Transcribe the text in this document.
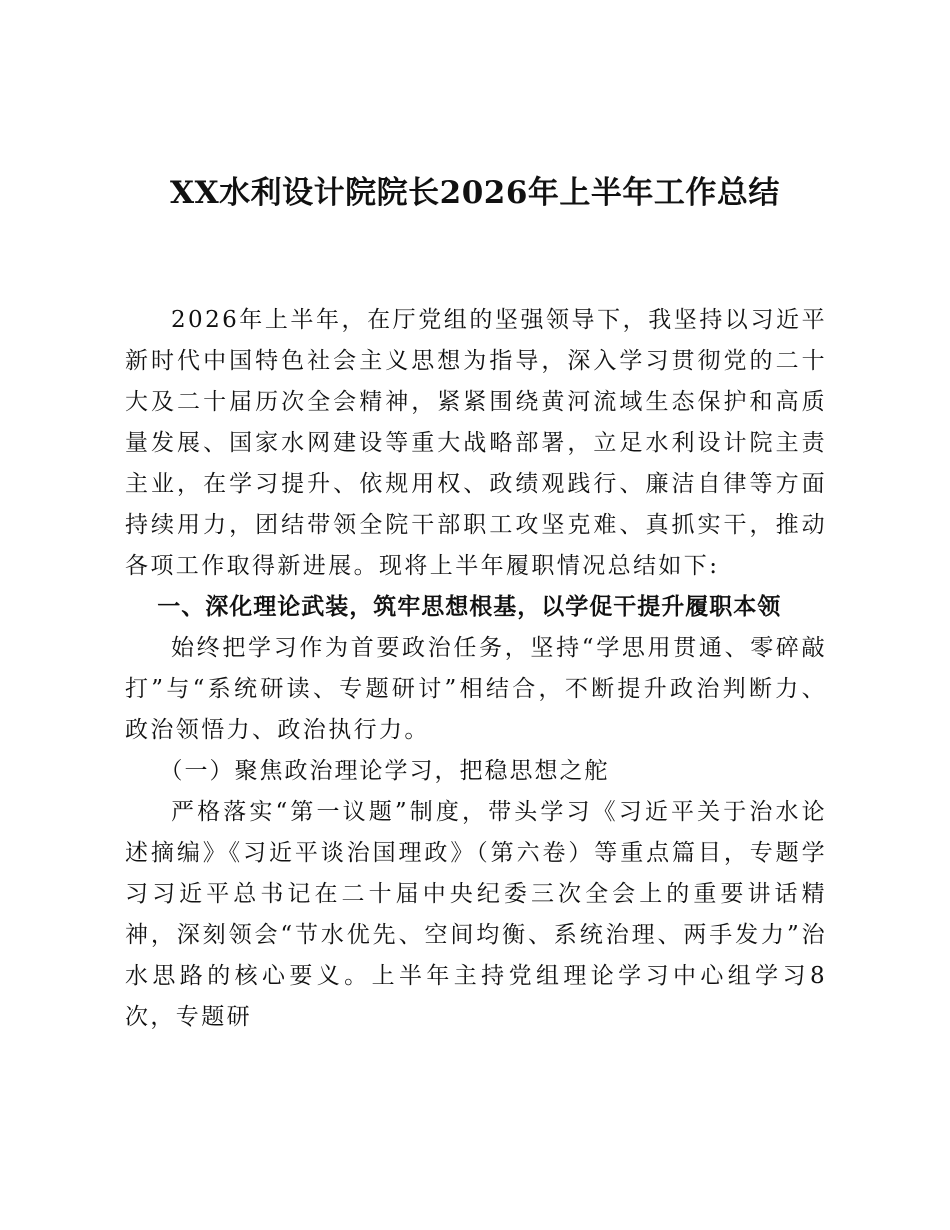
XX水利设计院院长2026年上半年工作总结

2026年上半年，在厅党组的坚强领导下，我坚持以习近平新时代中国特色社会主义思想为指导，深入学习贯彻党的二十大及二十届历次全会精神，紧紧围绕黄河流域生态保护和高质量发展、国家水网建设等重大战略部署，立足水利设计院主责主业，在学习提升、依规用权、政绩观践行、廉洁自律等方面持续用力，团结带领全院干部职工攻坚克难、真抓实干，推动各项工作取得新进展。现将上半年履职情况总结如下:

一、深化理论武装，筑牢思想根基，以学促干提升履职本领

始终把学习作为首要政治任务，坚持“学思用贯通、零碎敲打”与“系统研读、专题研讨”相结合，不断提升政治判断力、政治领悟力、政治执行力。

（一）聚焦政治理论学习，把稳思想之舵

严格落实“第一议题”制度，带头学习《习近平关于治水论述摘编》《习近平谈治国理政》（第六卷）等重点篇目，专题学习习近平总书记在二十届中央纪委三次全会上的重要讲话精神，深刻领会“节水优先、空间均衡、系统治理、两手发力”治水思路的核心要义。上半年主持党组理论学习中心组学习8次，专题研
